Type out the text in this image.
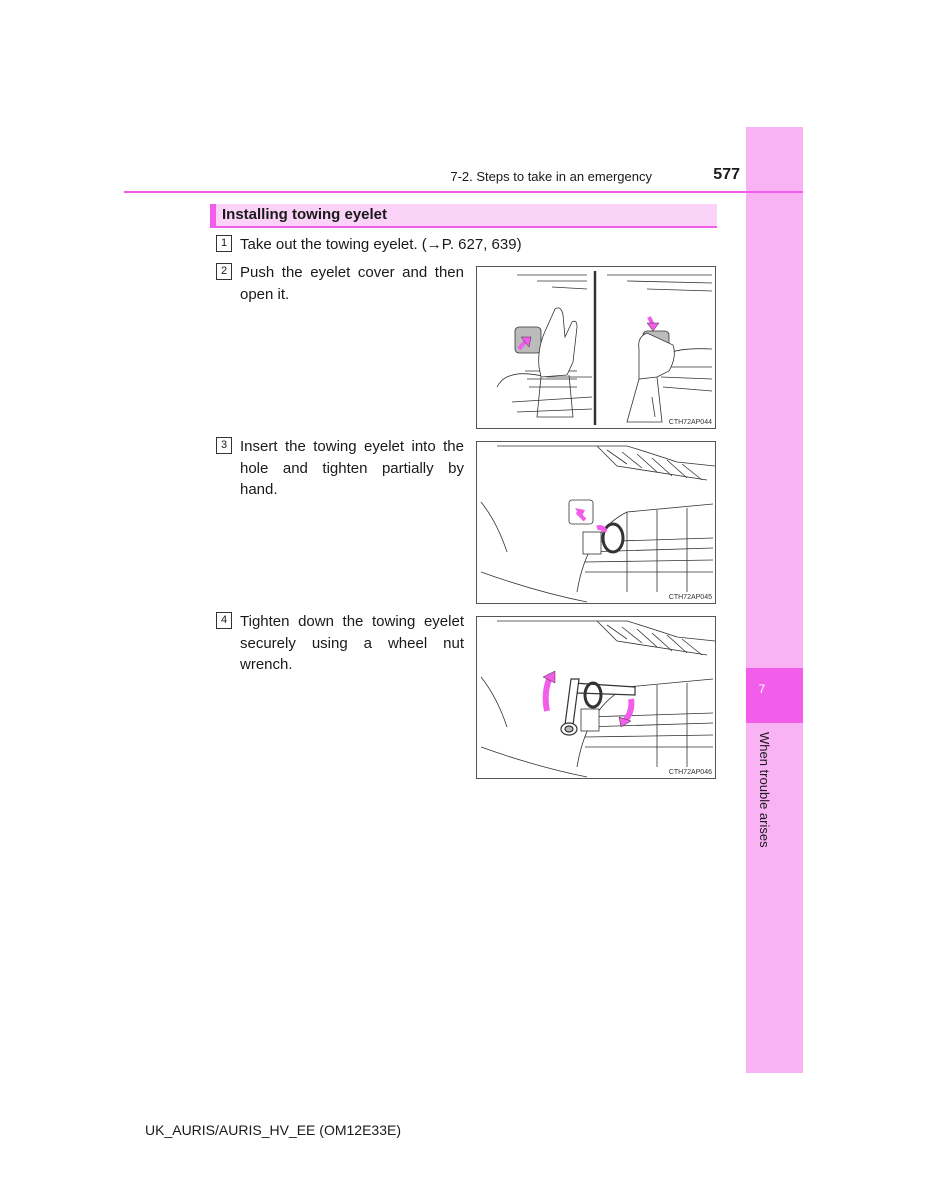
7
When trouble arises
7-2. Steps to take in an emergency	577
Installing towing eyelet
1 Take out the towing eyelet. (→P. 627, 639)
2 Push the eyelet cover and then open it.
3 Insert the towing eyelet into the hole and tighten partially by hand.
4 Tighten down the towing eyelet securely using a wheel nut wrench.
CTH72AP044
CTH72AP045
CTH72AP046
UK_AURIS/AURIS_HV_EE (OM12E33E)
